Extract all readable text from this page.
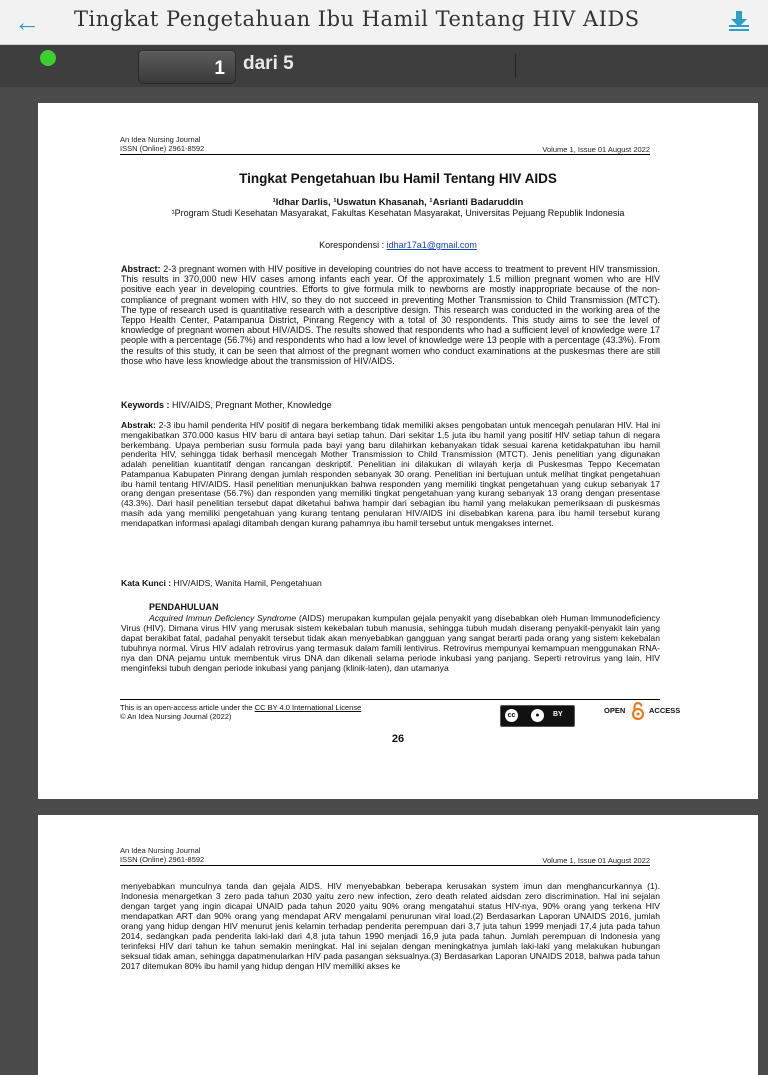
← Tingkat Pengetahuan Ibu Hamil Tentang HIV AIDS
1
dari 5
An Idea Nursing Journal
ISSN (Online) 2961-8592	Volume 1, Issue 01 August 2022
Tingkat Pengetahuan Ibu Hamil Tentang HIV AIDS
¹Idhar Darlis, ¹Uswatun Khasanah, ¹Asrianti Badaruddin
¹Program Studi Kesehatan Masyarakat, Fakultas Kesehatan Masyarakat, Universitas Pejuang Republik Indonesia
Korespondensi : idhar17a1@gmail.com
Abstract: 2-3 pregnant women with HIV positive in developing countries do not have access to treatment to prevent HIV transmission. This results in 370,000 new HIV cases among infants each year. Of the approximately 1.5 million pregnant women who are HIV positive each year in developing countries. Efforts to give formula milk to newborns are mostly inappropriate because of the non-compliance of pregnant women with HIV, so they do not succeed in preventing Mother Transmission to Child Transmission (MTCT). The type of research used is quantitative research with a descriptive design. This research was conducted in the working area of the Teppo Health Center, Patampanua District, Pinrang Regency with a total of 30 respondents. This study aims to see the level of knowledge of pregnant women about HIV/AIDS. The results showed that respondents who had a sufficient level of knowledge were 17 people with a percentage (56.7%) and respondents who had a low level of knowledge were 13 people with a percentage (43.3%). From the results of this study, it can be seen that almost of the pregnant women who conduct examinations at the puskesmas there are still those who have less knowledge about the transmission of HIV/AIDS.
Keywords : HIV/AIDS, Pregnant Mother, Knowledge
Abstrak: 2-3 ibu hamil penderita HIV positif di negara berkembang tidak memiliki akses pengobatan untuk mencegah penularan HIV. Hal ini mengakibatkan 370.000 kasus HIV baru di antara bayi setiap tahun. Dari sekitar 1,5 juta ibu hamil yang positif HIV setiap tahun di negara berkembang. Upaya pemberian susu formula pada bayi yang baru dilahirkan kebanyakan tidak sesuai karena ketidakpatuhan ibu hamil penderita HIV, sehingga tidak berhasil mencegah Mother Transmission to Child Transmission (MTCT). Jenis penelitian yang digunakan adalah penelitian kuantitatif dengan rancangan deskriptif. Penelitian ini dilakukan di wilayah kerja di Puskesmas Teppo Kecematan Patampanua Kabupaten Pinrang dengan jumlah responden sebanyak 30 orang. Penelitian ini bertujuan untuk melihat tingkat pengetahuan ibu hamil tentang HIV/AIDS. Hasil penelitian menunjukkan bahwa responden yang memiliki tingkat pengetahuan yang cukup sebanyak 17 orang dengan presentase (56.7%) dan responden yang memiliki tingkat pengetahuan yang kurang sebanyak 13 orang dengan presentase (43.3%). Dari hasil penelitian tersebut dapat diketahui bahwa hampir dari sebagian ibu hamil yang melakukan pemeriksaan di puskesmas masih ada yang memiliki pengetahuan yang kurang tentang penularan HIV/AIDS ini disebabkan karena para ibu hamil tersebut kurang mendapatkan informasi apalagi ditambah dengan kurang pahamnya ibu hamil tersebut untuk mengakses internet.
Kata Kunci : HIV/AIDS, Wanita Hamil, Pengetahuan
PENDAHULUAN
Acquired Immun Deficiency Syndrome (AIDS) merupakan kumpulan gejala penyakit yang disebabkan oleh Human Immunodeficiency Virus (HIV). Dimana virus HIV yang merusak sistem kekebalan tubuh manusia, sehingga tubuh mudah diserang penyakit-penyakit lain yang dapat berakibat fatal, padahal penyakit tersebut tidak akan menyebabkan gangguan yang sangat berarti pada orang yang sistem kekebalan tubuhnya normal. Virus HIV adalah retrovirus yang termasuk dalam famili lentivirus. Retrovirus mempunyai kemampuan menggunakan RNA-nya dan DNA pejamu untuk membentuk virus DNA dan dikenali selama periode inkubasi yang panjang. Seperti retrovirus yang lain, HIV menginfeksi tubuh dengan periode inkubasi yang panjang (klinik-laten), dan utamanya
This is an open-access article under the CC BY 4.0 International License
© An Idea Nursing Journal (2022)	cc	●	BY	OPEN	ACCESS
26
An Idea Nursing Journal
ISSN (Online) 2961-8592	Volume 1, Issue 01 August 2022
menyebabkan munculnya tanda dan gejala AIDS. HIV menyebabkan beberapa kerusakan system imun dan menghancurkannya (1). Indonesia menargetkan 3 zero pada tahun 2030 yaitu zero new infection, zero death related aidsdan zero discrimination. Hal ini sejalan dengan target yang ingin dicapai UNAID pada tahun 2020 yaitu 90% orang mengatahui status HIV-nya, 90% orang yang terkena HIV mendapatkan ART dan 90% orang yang mendapat ARV mengalami penurunan viral load.(2) Berdasarkan Laporan UNAIDS 2016, jumlah orang yang hidup dengan HIV menurut jenis kelamin terhadap penderita perempuan dari 3,7 juta tahun 1999 menjadi 17,4 juta pada tahun 2014, sedangkan pada penderita laki-laki dari 4,8 juta tahun 1990 menjadi 16,9 juta pada tahun. Jumlah perempuan di Indonesia yang terinfeksi HIV dari tahun ke tahun semakin meningkat. Hal ini sejalan dengan meningkatnya jumlah laki-laki yang melakukan hubungan seksual tidak aman, sehingga dapatmenularkan HIV pada pasangan seksualnya.(3) Berdasarkan Laporan UNAIDS 2018, bahwa pada tahun 2017 ditemukan 80% ibu hamil yang hidup dengan HIV memiliki akses ke
